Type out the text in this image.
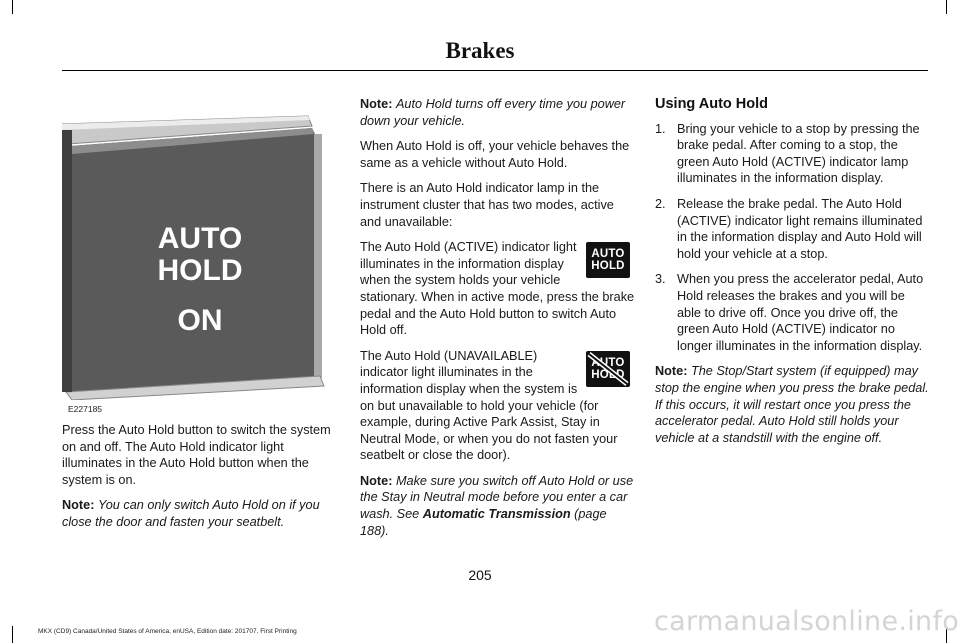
Brakes
AUTO
HOLD
ON
E227185

Press the Auto Hold button to switch the system on and off. The Auto Hold indicator light illuminates in the Auto Hold button when the system is on.

Note: You can only switch Auto Hold on if you close the door and fasten your seatbelt.

Note: Auto Hold turns off every time you power down your vehicle.

When Auto Hold is off, your vehicle behaves the same as a vehicle without Auto Hold.

There is an Auto Hold indicator lamp in the instrument cluster that has two modes, active and unavailable:

AUTO
HOLD
The Auto Hold (ACTIVE) indicator light illuminates in the information display when the system holds your vehicle stationary. When in active mode, press the brake pedal and the Auto Hold button to switch Auto Hold off.

AUTO
HOLD
The Auto Hold (UNAVAILABLE) indicator light illuminates in the information display when the system is on but unavailable to hold your vehicle (for example, during Active Park Assist, Stay in Neutral Mode, or when you do not fasten your seatbelt or close the door).

Note: Make sure you switch off Auto Hold or use the Stay in Neutral mode before you enter a car wash. See Automatic Transmission (page 188).

Using Auto Hold
1. Bring your vehicle to a stop by pressing the brake pedal. After coming to a stop, the green Auto Hold (ACTIVE) indicator lamp illuminates in the information display.
2. Release the brake pedal. The Auto Hold (ACTIVE) indicator light remains illuminated in the information display and Auto Hold will hold your vehicle at a stop.
3. When you press the accelerator pedal, Auto Hold releases the brakes and you will be able to drive off. Once you drive off, the green Auto Hold (ACTIVE) indicator no longer illuminates in the information display.

Note: The Stop/Start system (if equipped) may stop the engine when you press the brake pedal. If this occurs, it will restart once you press the accelerator pedal. Auto Hold still holds your vehicle at a standstill with the engine off.

205
MKX (CD9) Canada/United States of America, enUSA, Edition date: 201707, First Printing	carmanualsonline.info
